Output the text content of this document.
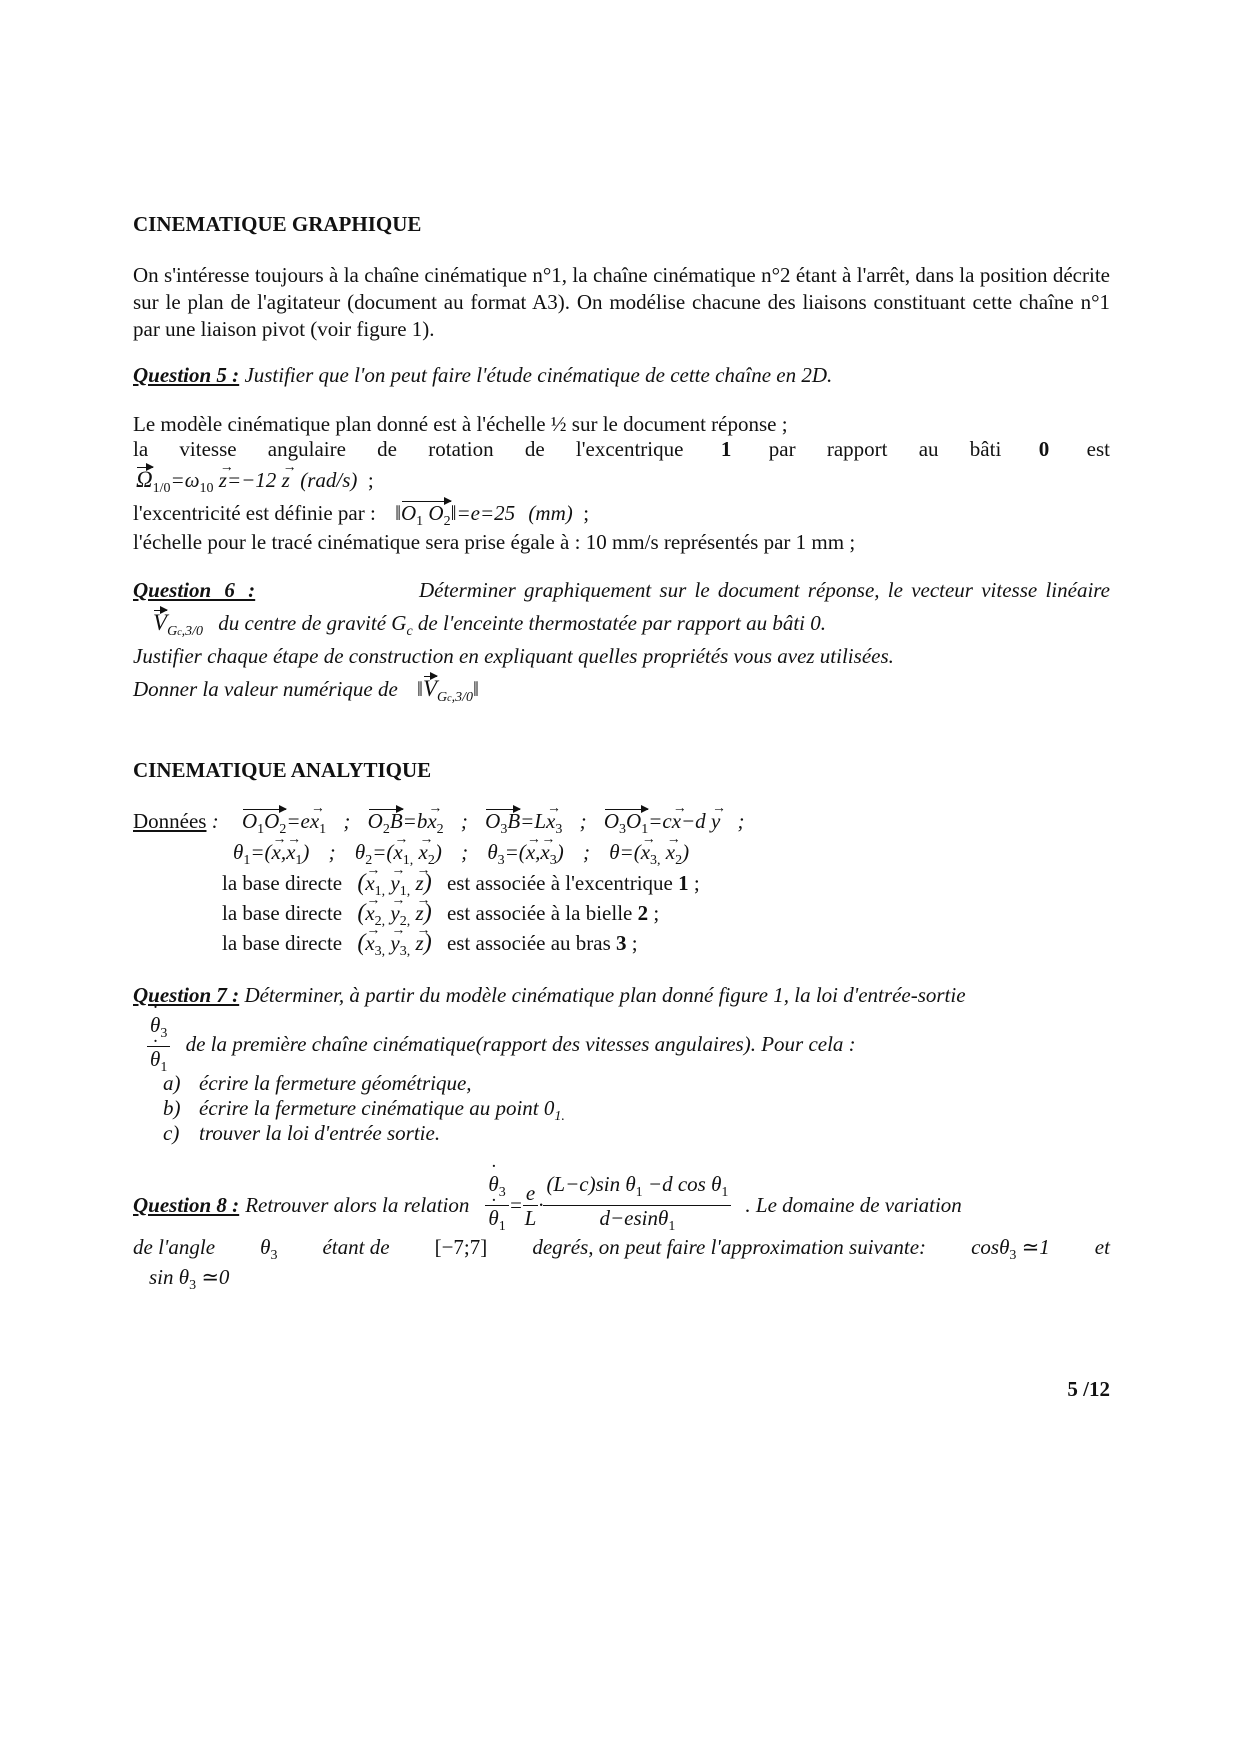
CINEMATIQUE GRAPHIQUE
On s'intéresse toujours à la chaîne cinématique n°1, la chaîne cinématique n°2 étant à l'arrêt, dans la position décrite sur le plan de l'agitateur (document au format A3). On modélise chacune des liaisons constituant cette chaîne n°1 par une liaison pivot (voir figure 1).
Question 5 : Justifier que l'on peut faire l'étude cinématique de cette chaîne en 2D.
Le modèle cinématique plan donné est à l'échelle ½ sur le document réponse ;
la vitesse angulaire de rotation de l'excentrique 1 par rapport au bâti 0 est
$\Omega_{1/0}=\omega_{10}$ z →=−12 z → (rad/s)  ;
l'excentricité est définie par : $‖O_1$ $O_2‖=e=25$ (mm)  ;
l'échelle pour le tracé cinématique sera prise égale à : 10 mm/s représentés par 1 mm ;
Question 6 :	Déterminer graphiquement sur le document réponse, le vecteur vitesse linéaire
$V_{Gc,3/0}$ du centre de gravité $G_c$ de l'enceinte thermostatée par rapport au bâti 0.
Justifier chaque étape de construction en expliquant quelles propriétés vous avez utilisées.
Donner la valeur numérique de $‖V_{Gc,3/0}‖$
CINEMATIQUE ANALYTIQUE
Données : $O_1O_2=ex \to_1$ ; $O_2B=bx \to_2$ ; $O_3B=Lx \to_3$ ; $O_3O_1=cx \to-d$ y → ;
$\theta_1=(x \to,x \to_1)$ ; $\theta_2=(x \to_{1,}$ $x \to_2$) ; $\theta_3=(x \to,x \to_3)$ ; $\theta=(x \to_{3,}$ $x \to_2$)
la base directe ($x \to_{1,}$ $y \to_{1,}$ z →) est associée à l'excentrique 1 ;
la base directe ($x \to_{2,}$ $y \to_{2,}$ z →) est associée à la bielle 2 ;
la base directe ($x \to_{3,}$ $y \to_{3,}$ z →) est associée au bras 3 ;
Question 7 : Déterminer, à partir du modèle cinématique plan donné figure 1, la loi d'entrée-sortie
$\frac{\theta ˙_3}{\theta ˙_1}$ de la première chaîne cinématique(rapport des vitesses angulaires). Pour cela :
a) écrire la fermeture géométrique,
b) écrire la fermeture cinématique au point $0_{1.}$
c) trouver la loi d'entrée sortie.
Question 8 : Retrouver alors la relation $\frac{\theta ˙_3}{\theta ˙_1} = \frac{e}{L} \cdot \frac{(L-c)\sin \theta_1 -d \cos \theta_1}{d-esin\theta_1}$ . Le domaine de variation
de l'angle $\theta_3$ étant de [−7;7] degrés, on peut faire l'approximation suivante: cosθ$_3$ ≃1 et
$\sin \theta_3$ ≃0
5 /12
